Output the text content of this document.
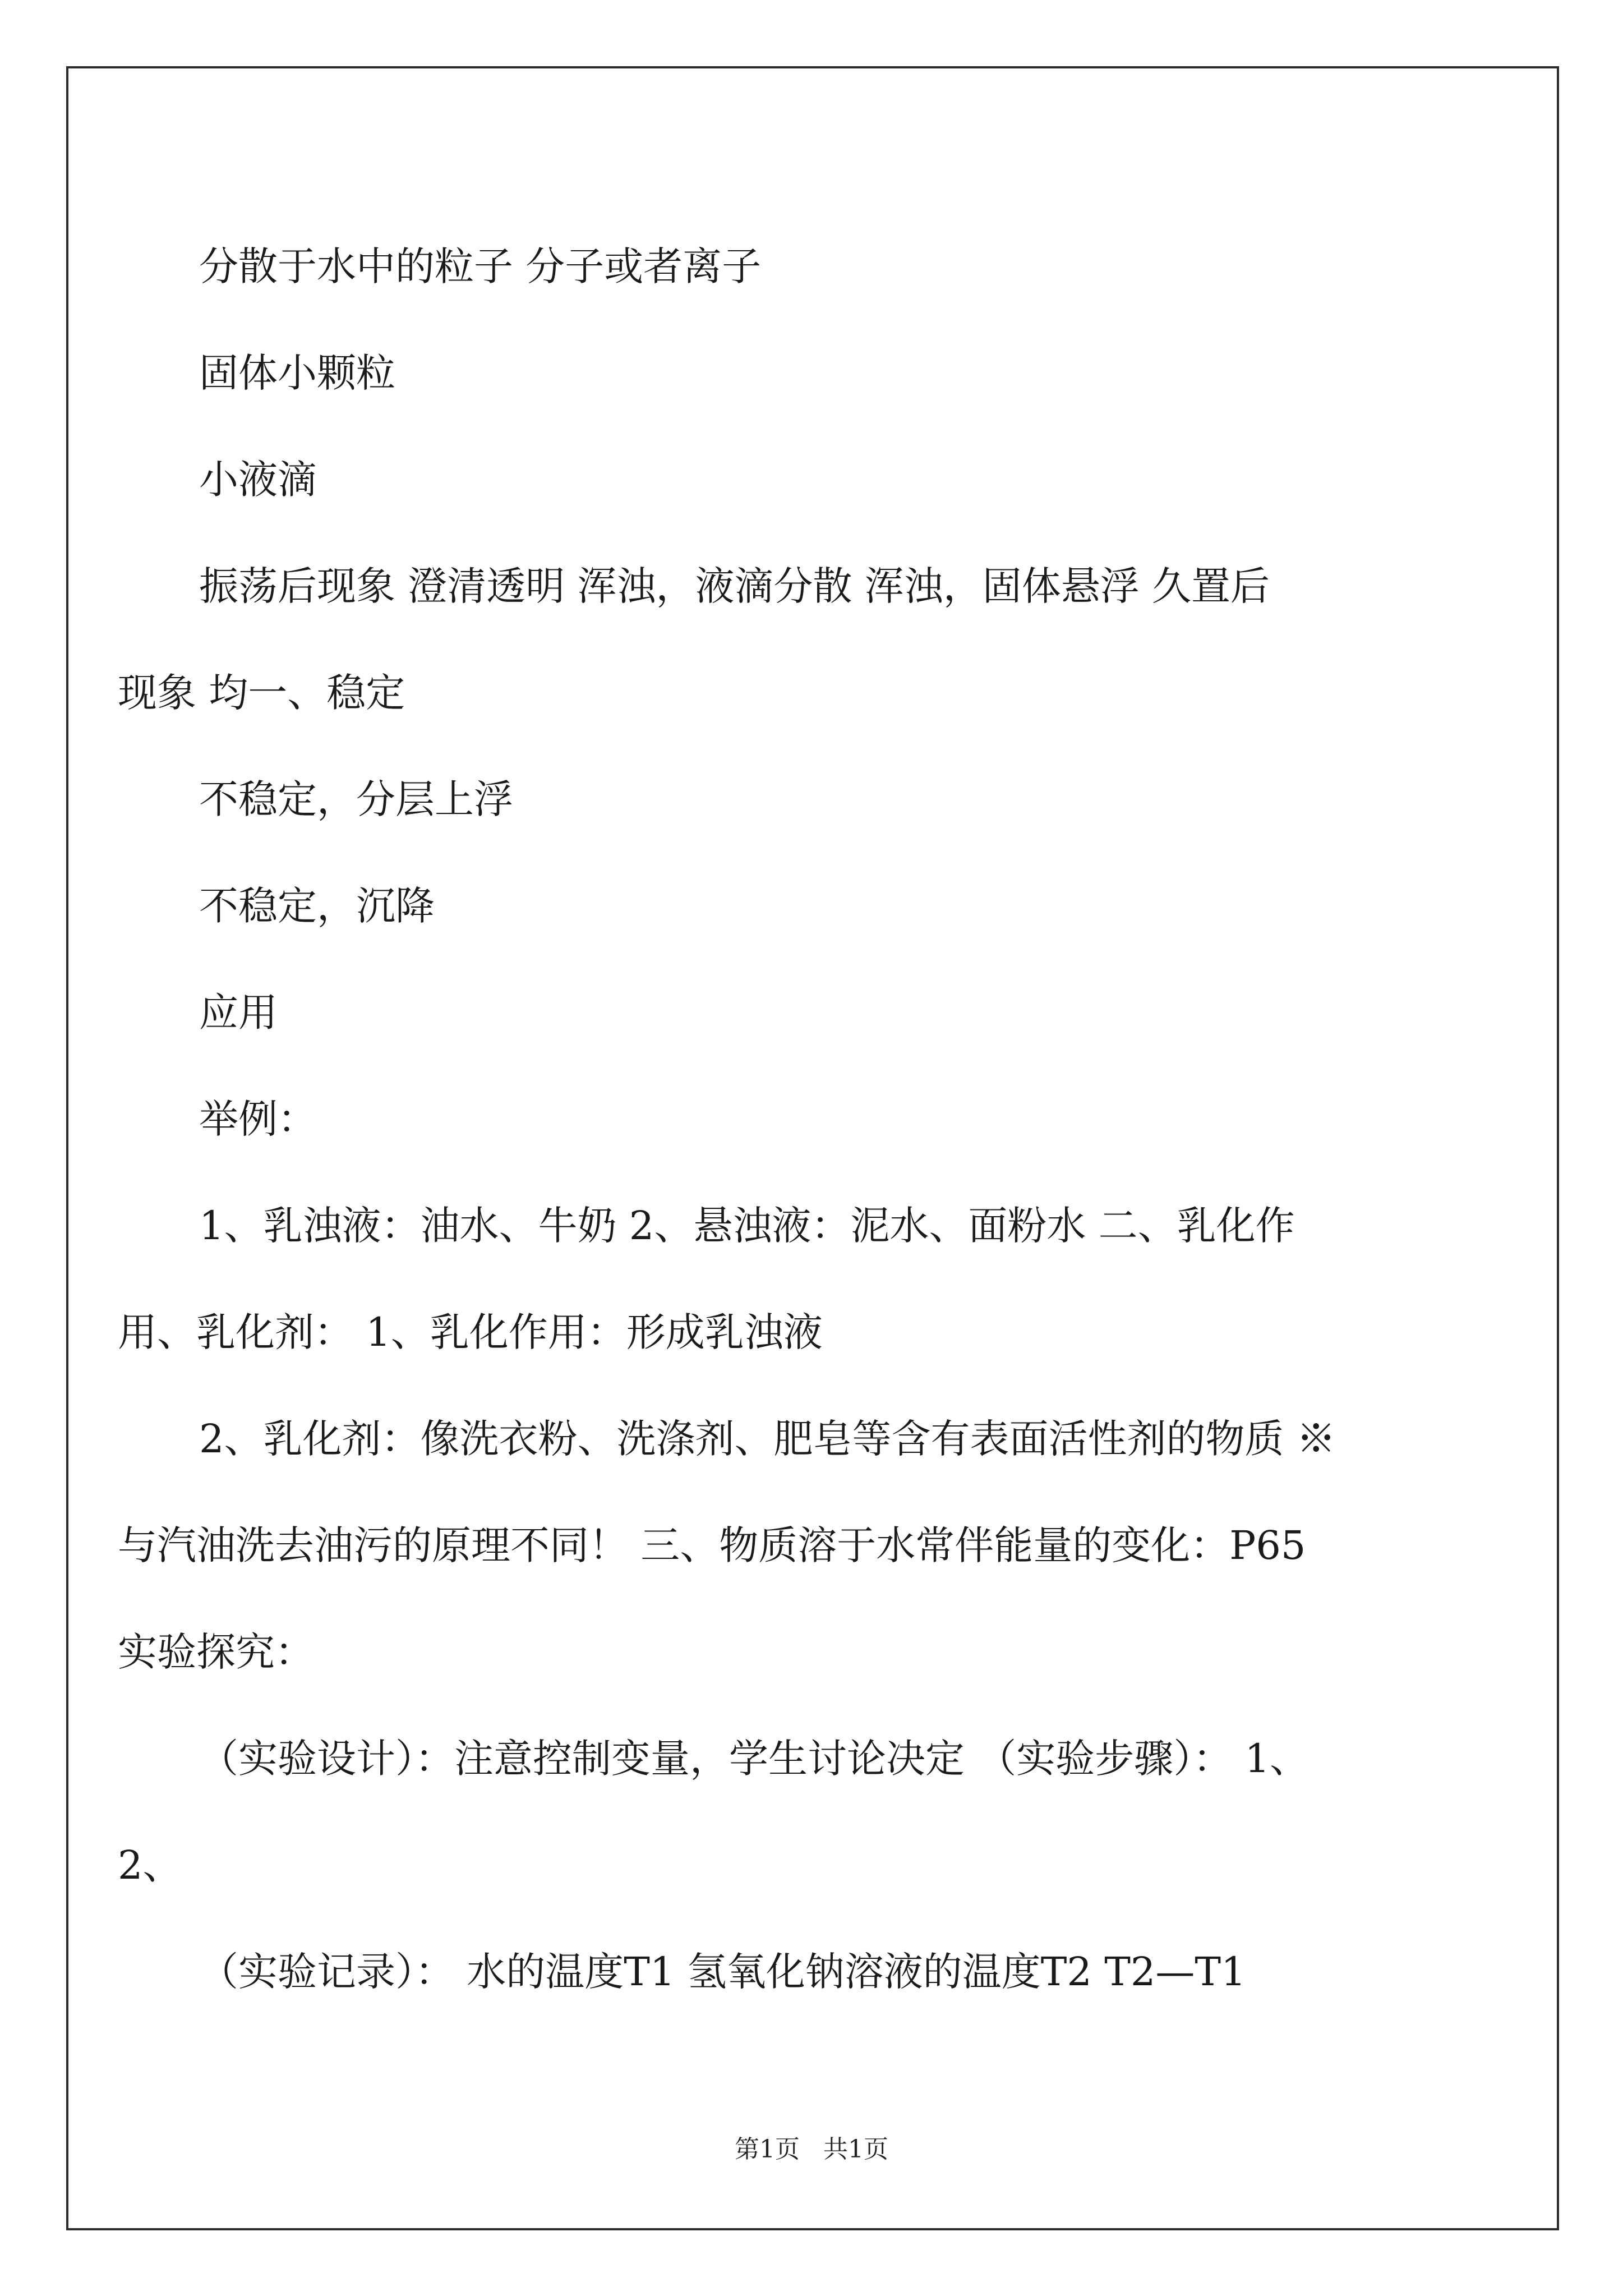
分散于水中的粒子 分子或者离子

固体小颗粒

小液滴

振荡后现象 澄清透明 浑浊，液滴分散 浑浊，固体悬浮 久置后

现象 均一、稳定

不稳定，分层上浮

不稳定，沉降

应用

举例：

1、乳浊液：油水、牛奶 2、悬浊液：泥水、面粉水 二、乳化作

用、乳化剂： 1、乳化作用：形成乳浊液

2、乳化剂：像洗衣粉、洗涤剂、肥皂等含有表面活性剂的物质 ※

与汽油洗去油污的原理不同！ 三、物质溶于水常伴能量的变化：P65

实验探究：

（实验设计）：注意控制变量，学生讨论决定 （实验步骤）： 1、

2、

（实验记录）： 水的温度T1 氢氧化钠溶液的温度T2 T2—T1

第1页 共1页
